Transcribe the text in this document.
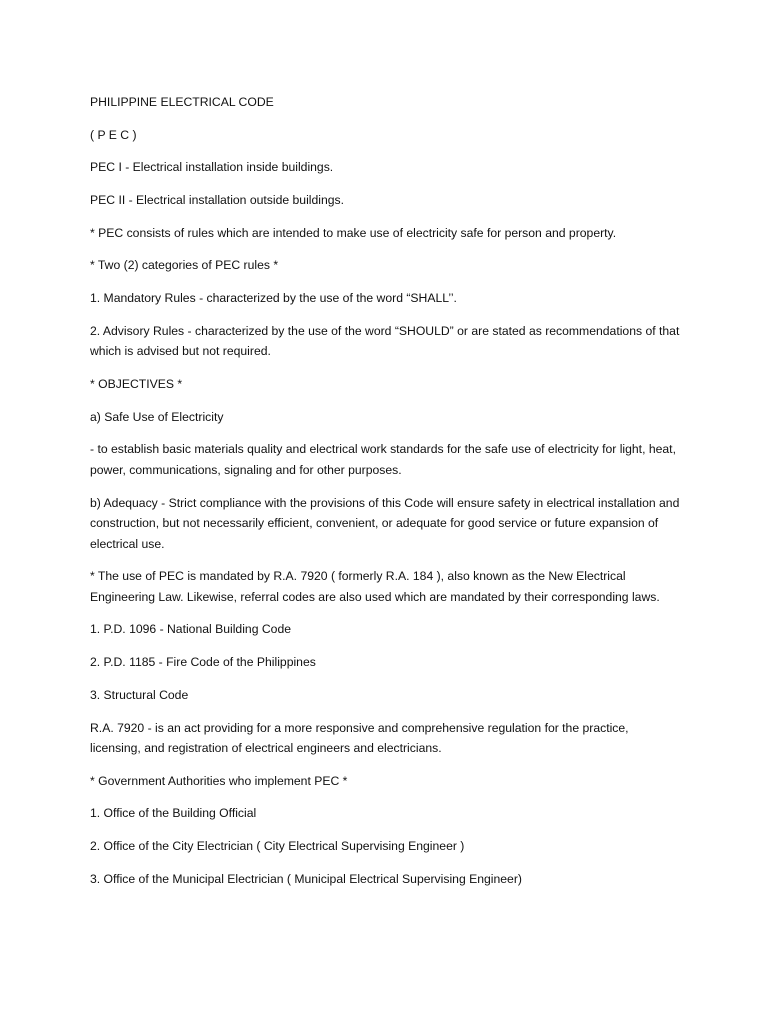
PHILIPPINE ELECTRICAL CODE

( P E C )

PEC I - Electrical installation inside buildings.

PEC II - Electrical installation outside buildings.

* PEC consists of rules which are intended to make use of electricity safe for person and property.

* Two (2) categories of PEC rules *

1. Mandatory Rules - characterized by the use of the word “SHALL’’.

2. Advisory Rules - characterized by the use of the word “SHOULD” or are stated as recommendations of that which is advised but not required.

* OBJECTIVES *

a) Safe Use of Electricity

- to establish basic materials quality and electrical work standards for the safe use of electricity for light, heat, power, communications, signaling and for other purposes.

b) Adequacy - Strict compliance with the provisions of this Code will ensure safety in electrical installation and construction, but not necessarily efficient, convenient, or adequate for good service or future expansion of electrical use.

* The use of PEC is mandated by R.A. 7920 ( formerly R.A. 184 ), also known as the New Electrical Engineering Law. Likewise, referral codes are also used which are mandated by their corresponding laws.

1. P.D. 1096 - National Building Code

2. P.D. 1185 - Fire Code of the Philippines

3. Structural Code

R.A. 7920 - is an act providing for a more responsive and comprehensive regulation for the practice, licensing, and registration of electrical engineers and electricians.

* Government Authorities who implement PEC *

1. Office of the Building Official

2. Office of the City Electrician ( City Electrical Supervising Engineer )

3. Office of the Municipal Electrician ( Municipal Electrical Supervising Engineer)
